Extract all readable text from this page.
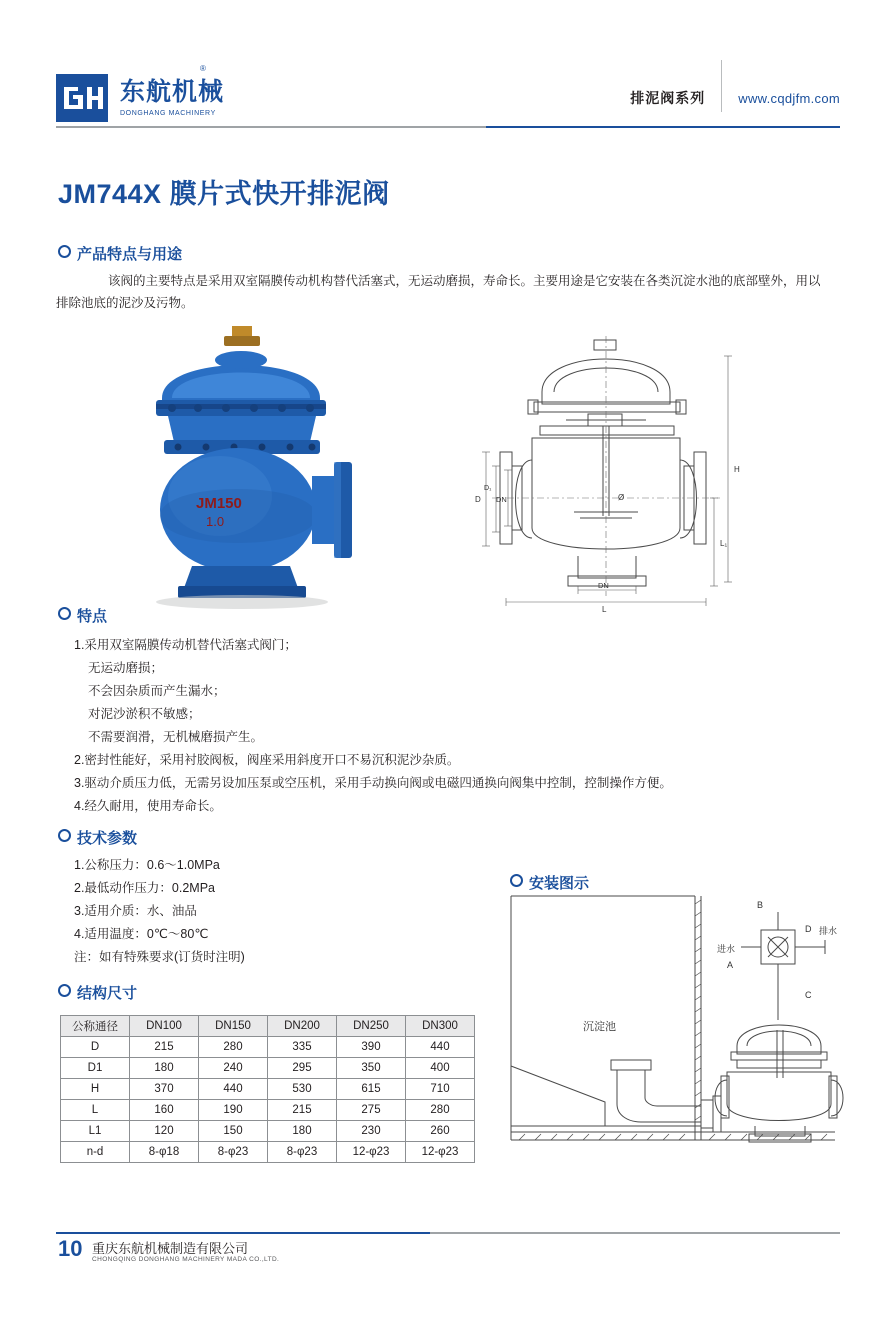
东航机械
DONGHANG MACHINERY
®
排泥阀系列	www.cqdjfm.com
JM744X 膜片式快开排泥阀
产品特点与用途
该阀的主要特点是采用双室隔膜传动机构替代活塞式，无运动磨损，寿命长。主要用途是它安装在各类沉淀水池的底部壁外，用以
排除池底的泥沙及污物。
JM150
1.0
H
D
D₁
DN
L₁
L
DN
Ø
特点
1.采用双室隔膜传动机替代活塞式阀门；
无运动磨损；
不会因杂质而产生漏水；
对泥沙淤积不敏感；
不需要润滑，无机械磨损产生。
2.密封性能好，采用衬胶阀板，阀座采用斜度开口不易沉积泥沙杂质。
3.驱动介质压力低，无需另设加压泵或空压机，采用手动换向阀或电磁四通换向阀集中控制，控制操作方便。
4.经久耐用，使用寿命长。
技术参数
1.公称压力：0.6～1.0MPa
2.最低动作压力：0.2MPa
3.适用介质：水、油品
4.适用温度：0℃～80℃
注：如有特殊要求(订货时注明)
安装图示
沉淀池
B
D 排水
C
进水
A
结构尺寸
公称通径	DN100	DN150	DN200	DN250	DN300
D	215	280	335	390	440
D1	180	240	295	350	400
H	370	440	530	615	710
L	160	190	215	275	280
L1	120	150	180	230	260
n-d	8-φ18	8-φ23	8-φ23	12-φ23	12-φ23
10 重庆东航机械制造有限公司
CHONGQING DONGHANG MACHINERY MADA CO.,LTD.
